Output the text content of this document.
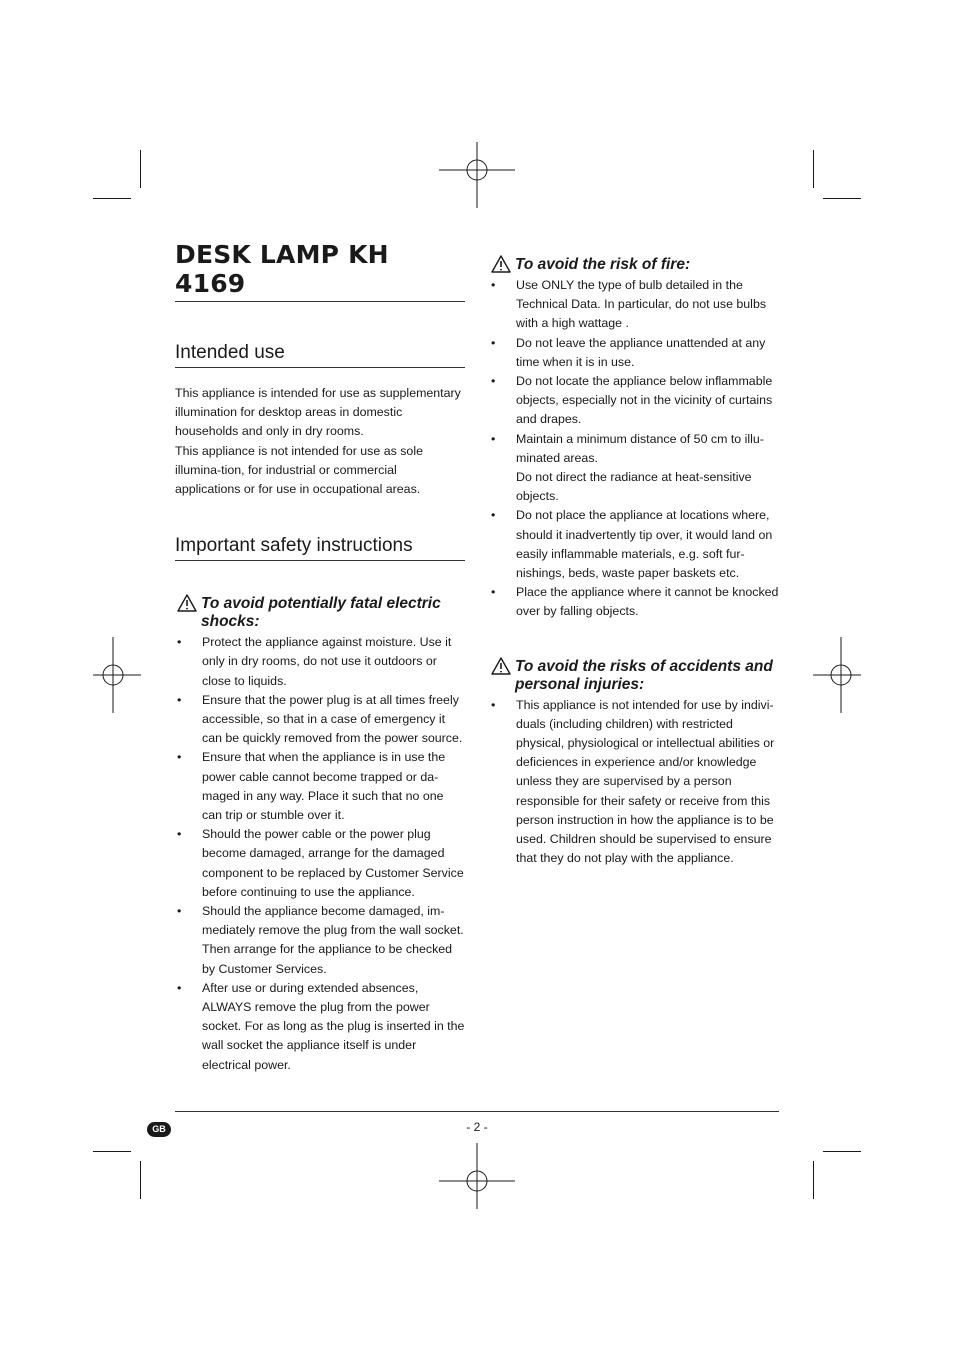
DESK LAMP KH 4169
Intended use

This appliance is intended for use as supplementary illumination for desktop areas in domestic households and only in dry rooms.

This appliance is not intended for use as sole illumina-tion, for industrial or commercial applications or for use in occupational areas.

Important safety instructions
To avoid potentially fatal electric shocks:
• Protect the appliance against moisture. Use it only in dry rooms, do not use it outdoors or close to liquids.
• Ensure that the power plug is at all times freely accessible, so that in a case of emergency it can be quickly removed from the power source.
• Ensure that when the appliance is in use the power cable cannot become trapped or da-maged in any way. Place it such that no one can trip or stumble over it.
• Should the power cable or the power plug become damaged, arrange for the damaged component to be replaced by Customer Service before continuing to use the appliance.
• Should the appliance become damaged, im-mediately remove the plug from the wall socket. Then arrange for the appliance to be checked by Customer Services.
• After use or during extended absences, ALWAYS remove the plug from the power socket. For as long as the plug is inserted in the wall socket the appliance itself is under electrical power.
To avoid the risk of fire:
• Use ONLY the type of bulb detailed in the Technical Data. In particular, do not use bulbs with a high wattage .
• Do not leave the appliance unattended at any time when it is in use.
• Do not locate the appliance below inflammable objects, especially not in the vicinity of curtains and drapes.
• Maintain a minimum distance of 50 cm to illu-minated areas.
Do not direct the radiance at heat-sensitive objects.
• Do not place the appliance at locations where, should it inadvertently tip over, it would land on easily inflammable materials, e.g. soft fur-nishings, beds, waste paper baskets etc.
• Place the appliance where it cannot be knocked over by falling objects.
To avoid the risks of accidents and personal injuries:
• This appliance is not intended for use by indivi-duals (including children) with restricted physical, physiological or intellectual abilities or deficiences in experience and/or knowledge unless they are supervised by a person responsible for their safety or receive from this person instruction in how the appliance is to be used. Children should be supervised to ensure that they do not play with the appliance.
GB	- 2 -
